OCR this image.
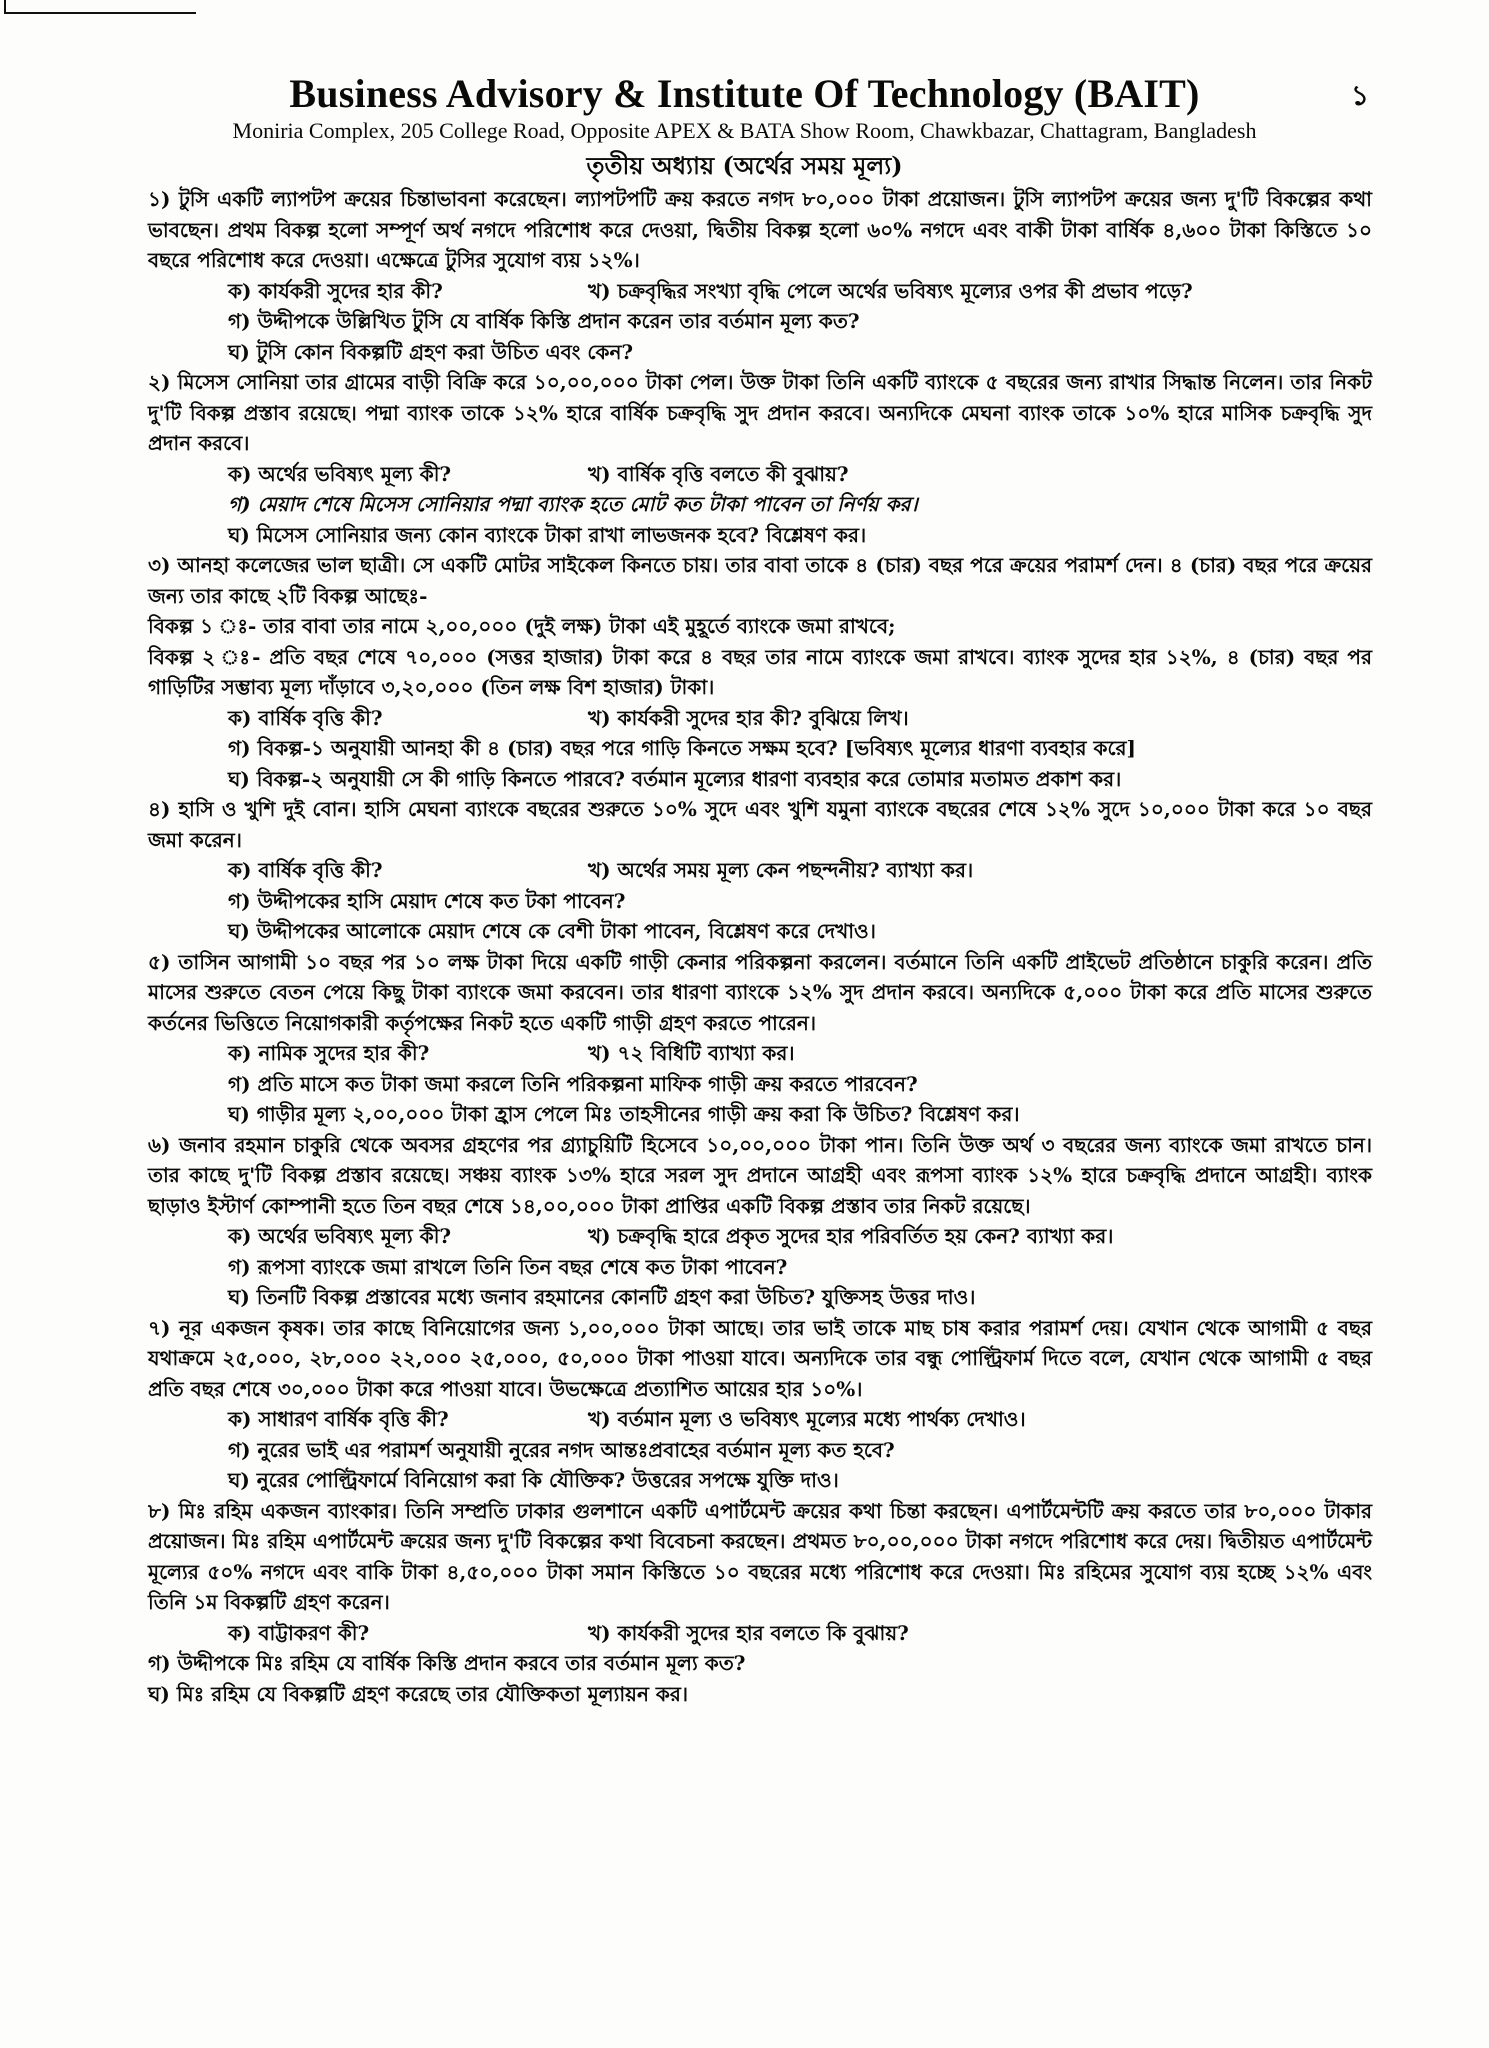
১
Business Advisory & Institute Of Technology (BAIT)
Moniria Complex, 205 College Road, Opposite APEX & BATA Show Room, Chawkbazar, Chattagram, Bangladesh
তৃতীয় অধ্যায় (অর্থের সময় মূল্য)

১) টুসি একটি ল্যাপটপ ক্রয়ের চিন্তাভাবনা করেছেন। ল্যাপটপটি ক্রয় করতে নগদ ৮০,০০০ টাকা প্রয়োজন। টুসি ল্যাপটপ ক্রয়ের জন্য দু'টি বিকল্পের কথা ভাবছেন। প্রথম বিকল্প হলো সম্পূর্ণ অর্থ নগদে পরিশোধ করে দেওয়া, দ্বিতীয় বিকল্প হলো ৬০% নগদে এবং বাকী টাকা বার্ষিক ৪,৬০০ টাকা কিস্তিতে ১০ বছরে পরিশোধ করে দেওয়া। এক্ষেত্রে টুসির সুযোগ ব্যয় ১২%।

ক) কার্যকরী সুদের হার কী?	খ) চক্রবৃদ্ধির সংখ্যা বৃদ্ধি পেলে অর্থের ভবিষ্যৎ মূল্যের ওপর কী প্রভাব পড়ে?
গ) উদ্দীপকে উল্লিখিত টুসি যে বার্ষিক কিস্তি প্রদান করেন তার বর্তমান মূল্য কত?
ঘ) টুসি কোন বিকল্পটি গ্রহণ করা উচিত এবং কেন?

২) মিসেস সোনিয়া তার গ্রামের বাড়ী বিক্রি করে ১০,০০,০০০ টাকা পেল। উক্ত টাকা তিনি একটি ব্যাংকে ৫ বছরের জন্য রাখার সিদ্ধান্ত নিলেন। তার নিকট দু'টি বিকল্প প্রস্তাব রয়েছে। পদ্মা ব্যাংক তাকে ১২% হারে বার্ষিক চক্রবৃদ্ধি সুদ প্রদান করবে। অন্যদিকে মেঘনা ব্যাংক তাকে ১০% হারে মাসিক চক্রবৃদ্ধি সুদ প্রদান করবে।

ক) অর্থের ভবিষ্যৎ মূল্য কী?	খ) বার্ষিক বৃত্তি বলতে কী বুঝায়?
গ) মেয়াদ শেষে মিসেস সোনিয়ার পদ্মা ব্যাংক হতে মোট কত টাকা পাবেন তা নির্ণয় কর।
ঘ) মিসেস সোনিয়ার জন্য কোন ব্যাংকে টাকা রাখা লাভজনক হবে? বিশ্লেষণ কর।

৩) আনহা কলেজের ভাল ছাত্রী। সে একটি মোটর সাইকেল কিনতে চায়। তার বাবা তাকে ৪ (চার) বছর পরে ক্রয়ের পরামর্শ দেন। ৪ (চার) বছর পরে ক্রয়ের জন্য তার কাছে ২টি বিকল্প আছেঃ-

বিকল্প ১ ঃ- তার বাবা তার নামে ২,০০,০০০ (দুই লক্ষ) টাকা এই মুহূর্তে ব্যাংকে জমা রাখবে;

বিকল্প ২ ঃ- প্রতি বছর শেষে ৭০,০০০ (সত্তর হাজার) টাকা করে ৪ বছর তার নামে ব্যাংকে জমা রাখবে। ব্যাংক সুদের হার ১২%, ৪ (চার) বছর পর গাড়িটির সম্ভাব্য মূল্য দাঁড়াবে ৩,২০,০০০ (তিন লক্ষ বিশ হাজার) টাকা।

ক) বার্ষিক বৃত্তি কী?	খ) কার্যকরী সুদের হার কী? বুঝিয়ে লিখ।
গ) বিকল্প-১ অনুযায়ী আনহা কী ৪ (চার) বছর পরে গাড়ি কিনতে সক্ষম হবে? [ভবিষ্যৎ মূল্যের ধারণা ব্যবহার করে]
ঘ) বিকল্প-২ অনুযায়ী সে কী গাড়ি কিনতে পারবে? বর্তমান মূল্যের ধারণা ব্যবহার করে তোমার মতামত প্রকাশ কর।

৪) হাসি ও খুশি দুই বোন। হাসি মেঘনা ব্যাংকে বছরের শুরুতে ১০% সুদে এবং খুশি যমুনা ব্যাংকে বছরের শেষে ১২% সুদে ১০,০০০ টাকা করে ১০ বছর জমা করেন।

ক) বার্ষিক বৃত্তি কী?	খ) অর্থের সময় মূল্য কেন পছন্দনীয়? ব্যাখ্যা কর।
গ) উদ্দীপকের হাসি মেয়াদ শেষে কত টকা পাবেন?
ঘ) উদ্দীপকের আলোকে মেয়াদ শেষে কে বেশী টাকা পাবেন, বিশ্লেষণ করে দেখাও।

৫) তাসিন আগামী ১০ বছর পর ১০ লক্ষ টাকা দিয়ে একটি গাড়ী কেনার পরিকল্পনা করলেন। বর্তমানে তিনি একটি প্রাইভেট প্রতিষ্ঠানে চাকুরি করেন। প্রতি মাসের শুরুতে বেতন পেয়ে কিছু টাকা ব্যাংকে জমা করবেন। তার ধারণা ব্যাংকে ১২% সুদ প্রদান করবে। অন্যদিকে ৫,০০০ টাকা করে প্রতি মাসের শুরুতে কর্তনের ভিত্তিতে নিয়োগকারী কর্তৃপক্ষের নিকট হতে একটি গাড়ী গ্রহণ করতে পারেন।

ক) নামিক সুদের হার কী?	খ) ৭২ বিধিটি ব্যাখ্যা কর।
গ) প্রতি মাসে কত টাকা জমা করলে তিনি পরিকল্পনা মাফিক গাড়ী ক্রয় করতে পারবেন?
ঘ) গাড়ীর মূল্য ২,০০,০০০ টাকা হ্রাস পেলে মিঃ তাহসীনের গাড়ী ক্রয় করা কি উচিত? বিশ্লেষণ কর।

৬) জনাব রহমান চাকুরি থেকে অবসর গ্রহণের পর গ্র্যাচুয়িটি হিসেবে ১০,০০,০০০ টাকা পান। তিনি উক্ত অর্থ ৩ বছরের জন্য ব্যাংকে জমা রাখতে চান। তার কাছে দু'টি বিকল্প প্রস্তাব রয়েছে। সঞ্চয় ব্যাংক ১৩% হারে সরল সুদ প্রদানে আগ্রহী এবং রূপসা ব্যাংক ১২% হারে চক্রবৃদ্ধি প্রদানে আগ্রহী। ব্যাংক ছাড়াও ইস্টার্ণ কোম্পানী হতে তিন বছর শেষে ১৪,০০,০০০ টাকা প্রাপ্তির একটি বিকল্প প্রস্তাব তার নিকট রয়েছে।

ক) অর্থের ভবিষ্যৎ মূল্য কী?	খ) চক্রবৃদ্ধি হারে প্রকৃত সুদের হার পরিবর্তিত হয় কেন? ব্যাখ্যা কর।
গ) রূপসা ব্যাংকে জমা রাখলে তিনি তিন বছর শেষে কত টাকা পাবেন?
ঘ) তিনটি বিকল্প প্রস্তাবের মধ্যে জনাব রহমানের কোনটি গ্রহণ করা উচিত? যুক্তিসহ উত্তর দাও।

৭) নূর একজন কৃষক। তার কাছে বিনিয়োগের জন্য ১,০০,০০০ টাকা আছে। তার ভাই তাকে মাছ চাষ করার পরামর্শ দেয়। যেখান থেকে আগামী ৫ বছর যথাক্রমে ২৫,০০০, ২৮,০০০ ২২,০০০ ২৫,০০০, ৫০,০০০ টাকা পাওয়া যাবে। অন্যদিকে তার বন্ধু পোল্ট্রিফার্ম দিতে বলে, যেখান থেকে আগামী ৫ বছর প্রতি বছর শেষে ৩০,০০০ টাকা করে পাওয়া যাবে। উভক্ষেত্রে প্রত্যাশিত আয়ের হার ১০%।

ক) সাধারণ বার্ষিক বৃত্তি কী?	খ) বর্তমান মূল্য ও ভবিষ্যৎ মূল্যের মধ্যে পার্থক্য দেখাও।
গ) নুরের ভাই এর পরামর্শ অনুযায়ী নুরের নগদ আন্তঃপ্রবাহের বর্তমান মূল্য কত হবে?
ঘ) নুরের পোল্ট্রিফার্মে বিনিয়োগ করা কি যৌক্তিক? উত্তরের সপক্ষে যুক্তি দাও।

৮) মিঃ রহিম একজন ব্যাংকার। তিনি সম্প্রতি ঢাকার গুলশানে একটি এপার্টমেন্ট ক্রয়ের কথা চিন্তা করছেন। এপার্টমেন্টটি ক্রয় করতে তার ৮০,০০০ টাকার প্রয়োজন। মিঃ রহিম এপার্টমেন্ট ক্রয়ের জন্য দু'টি বিকল্পের কথা বিবেচনা করছেন। প্রথমত ৮০,০০,০০০ টাকা নগদে পরিশোধ করে দেয়। দ্বিতীয়ত এপার্টমেন্ট মূল্যের ৫০% নগদে এবং বাকি টাকা ৪,৫০,০০০ টাকা সমান কিস্তিতে ১০ বছরের মধ্যে পরিশোধ করে দেওয়া। মিঃ রহিমের সুযোগ ব্যয় হচ্ছে ১২% এবং তিনি ১ম বিকল্পটি গ্রহণ করেন।

ক) বাট্টাকরণ কী?	খ) কার্যকরী সুদের হার বলতে কি বুঝায়?
গ) উদ্দীপকে মিঃ রহিম যে বার্ষিক কিস্তি প্রদান করবে তার বর্তমান মূল্য কত?
ঘ) মিঃ রহিম যে বিকল্পটি গ্রহণ করেছে তার যৌক্তিকতা মূল্যায়ন কর।
